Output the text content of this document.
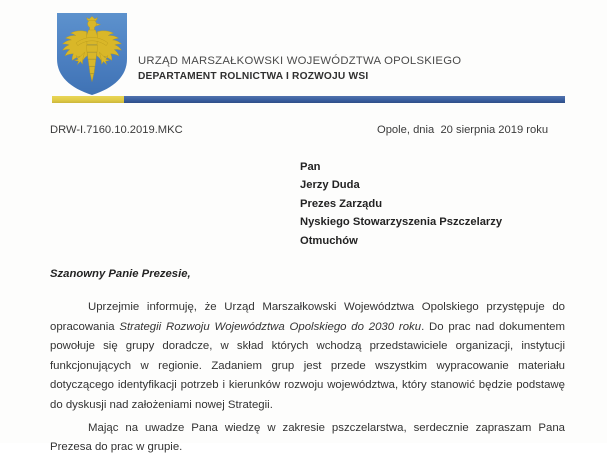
URZĄD MARSZAŁKOWSKI WOJEWÓDZTWA OPOLSKIEGO
DEPARTAMENT ROLNICTWA I ROZWOJU WSI
DRW-I.7160.10.2019.MKC	Opole, dnia  20 sierpnia 2019 roku
Pan
Jerzy Duda
Prezes Zarządu
Nyskiego Stowarzyszenia Pszczelarzy
Otmuchów
Szanowny Panie Prezesie,

Uprzejmie informuję, że Urząd Marszałkowski Województwa Opolskiego przystępuje do opracowania Strategii Rozwoju Województwa Opolskiego do 2030 roku. Do prac nad dokumentem powołuje się grupy doradcze, w skład których wchodzą przedstawiciele organizacji, instytucji funkcjonujących w regionie. Zadaniem grup jest przede wszystkim wypracowanie materiału dotyczącego identyfikacji potrzeb i kierunków rozwoju województwa, który stanowić będzie podstawę do dyskusji nad założeniami nowej Strategii.

Mając na uwadze Pana wiedzę w zakresie pszczelarstwa, serdecznie zapraszam Pana Prezesa do prac w grupie.
